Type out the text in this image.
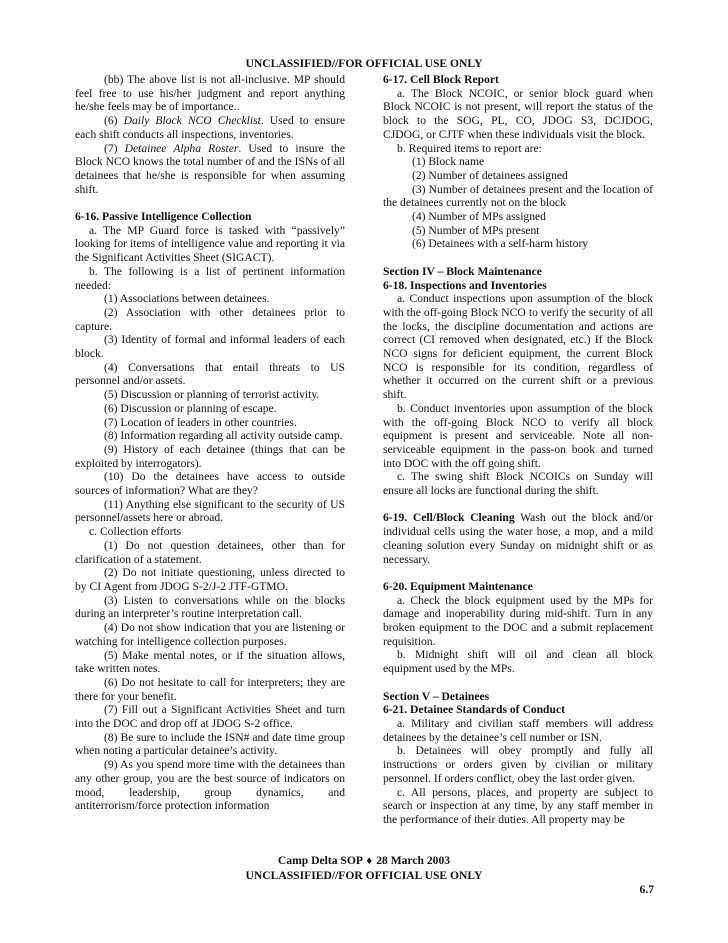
UNCLASSIFIED//FOR OFFICIAL USE ONLY

(bb) The above list is not all-inclusive. MP should feel free to use his/her judgment and report anything he/she feels may be of importance..

(6) Daily Block NCO Checklist. Used to ensure each shift conducts all inspections, inventories.

(7) Detainee Alpha Roster. Used to insure the Block NCO knows the total number of and the ISNs of all detainees that he/she is responsible for when assuming shift.

6-16. Passive Intelligence Collection

a. The MP Guard force is tasked with “passively” looking for items of intelligence value and reporting it via the Significant Activities Sheet (SIGACT).

b. The following is a list of pertinent information needed:

(1) Associations between detainees.

(2) Association with other detainees prior to capture.

(3) Identity of formal and informal leaders of each block.

(4) Conversations that entail threats to US personnel and/or assets.

(5) Discussion or planning of terrorist activity.

(6) Discussion or planning of escape.

(7) Location of leaders in other countries.

(8) Information regarding all activity outside camp.

(9) History of each detainee (things that can be exploited by interrogators).

(10) Do the detainees have access to outside sources of information? What are they?

(11) Anything else significant to the security of US personnel/assets here or abroad.

c. Collection efforts

(1) Do not question detainees, other than for clarification of a statement.

(2) Do not initiate questioning, unless directed to by CI Agent from JDOG S-2/J-2 JTF-GTMO.

(3) Listen to conversations while on the blocks during an interpreter’s routine interpretation call.

(4) Do not show indication that you are listening or watching for intelligence collection purposes.

(5) Make mental notes, or if the situation allows, take written notes.

(6) Do not hesitate to call for interpreters; they are there for your benefit.

(7) Fill out a Significant Activities Sheet and turn into the DOC and drop off at JDOG S-2 office.

(8) Be sure to include the ISN# and date time group when noting a particular detainee’s activity.

(9) As you spend more time with the detainees than any other group, you are the best source of indicators on mood, leadership, group dynamics, and antiterrorism/force protection information

6-17. Cell Block Report

a. The Block NCOIC, or senior block guard when Block NCOIC is not present, will report the status of the block to the SOG, PL, CO, JDOG S3, DCJDOG, CJDOG, or CJTF when these individuals visit the block.

b. Required items to report are:

(1) Block name

(2) Number of detainees assigned

(3) Number of detainees present and the location of the detainees currently not on the block

(4) Number of MPs assigned

(5) Number of MPs present

(6) Detainees with a self-harm history

Section IV – Block Maintenance

6-18. Inspections and Inventories

a. Conduct inspections upon assumption of the block with the off-going Block NCO to verify the security of all the locks, the discipline documentation and actions are correct (CI removed when designated, etc.) If the Block NCO signs for deficient equipment, the current Block NCO is responsible for its condition, regardless of whether it occurred on the current shift or a previous shift.

b. Conduct inventories upon assumption of the block with the off-going Block NCO to verify all block equipment is present and serviceable. Note all non-serviceable equipment in the pass-on book and turned into DOC with the off going shift.

c. The swing shift Block NCOICs on Sunday will ensure all locks are functional during the shift.

6-19. Cell/Block Cleaning Wash out the block and/or individual cells using the water hose, a mop, and a mild cleaning solution every Sunday on midnight shift or as necessary.

6-20. Equipment Maintenance

a. Check the block equipment used by the MPs for damage and inoperability during mid-shift. Turn in any broken equipment to the DOC and a submit replacement requisition.

b. Midnight shift will oil and clean all block equipment used by the MPs.

Section V – Detainees

6-21. Detainee Standards of Conduct

a. Military and civilian staff members will address detainees by the detainee’s cell number or ISN.

b. Detainees will obey promptly and fully all instructions or orders given by civilian or military personnel. If orders conflict, obey the last order given.

c. All persons, places, and property are subject to search or inspection at any time, by any staff member in the performance of their duties. All property may be

Camp Delta SOP ♦ 28 March 2003
UNCLASSIFIED//FOR OFFICIAL USE ONLY
6.7
